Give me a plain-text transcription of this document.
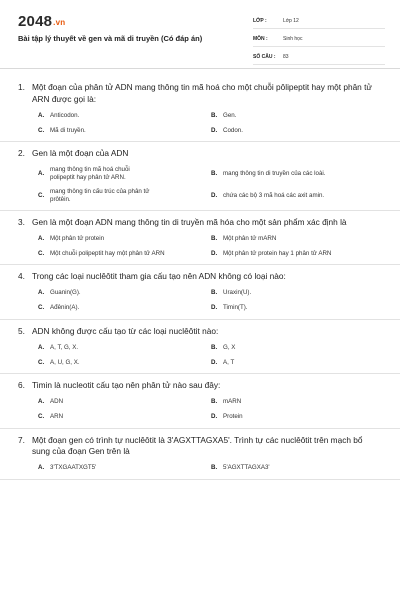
2048.vn
Bài tập lý thuyết về gen và mã di truyền (Có đáp án)
LỚP :	Lớp 12
MÔN :	Sinh học
SỐ CÂU :	83
1. Một đoạn của phân tử ADN mang thông tin mã hoá cho một chuỗi pôlipeptit hay một phân tử ARN được gọi là:
A. Anticodon.	B. Gen.
C. Mã di truyền.	D. Codon.
2. Gen là một đoạn của ADN
A.
mang thông tin mã hoá chuỗi polipeptit hay phân tử ARN.
B. mang thông tin di truyền của các loài.
C.
mang thông tin cấu trúc của phân tử prôtêin.
D. chứa các bộ 3 mã hoá các axit amin.
3. Gen là một đoạn ADN mang thông tin di truyền mã hóa cho một sản phẩm xác định là
A. Một phân tử protein	B. Một phân tử mARN
C. Một chuỗi polipeptit hay một phân tử ARN	D. Một phân tử protein hay 1 phân tử ARN
4. Trong các loại nuclêôtit tham gia cấu tạo nên ADN không có loại nào:
A. Guanin(G).	B. Uraxin(U).
C. Ađênin(A).	D. Timin(T).
5. ADN không được cấu tạo từ các loại nuclêôtit nào:
A. A, T, G, X.	B. G, X
C. A, U, G, X.	D. A, T
6. Timin là nucleotit cấu tạo nên phân tử nào sau đây:
A. ADN	B. mARN
C. ARN	D. Protein
7. Một đoạn gen có trình tự nuclêôtit là 3'AGXTTAGXA5'. Trình tự các nuclêôtit trên mạch bổ sung của đoạn Gen trên là
A. 3'TXGAATXGT5'	B. 5'AGXTTAGXA3'
